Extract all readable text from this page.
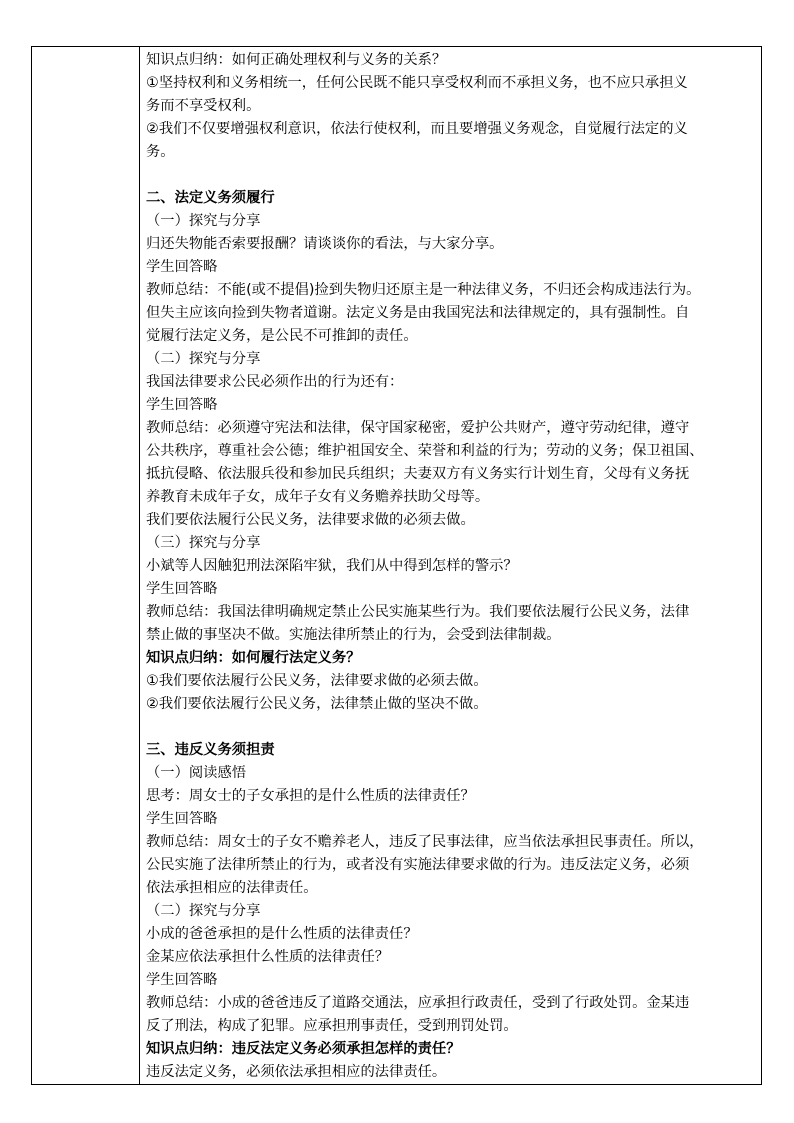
知识点归纳：如何正确处理权利与义务的关系？
①坚持权利和义务相统一，任何公民既不能只享受权利而不承担义务，也不应只承担义
务而不享受权利。
②我们不仅要增强权利意识，依法行使权利，而且要增强义务观念，自觉履行法定的义
务。
二、法定义务须履行
（一）探究与分享
归还失物能否索要报酬？请谈谈你的看法，与大家分享。
学生回答略
教师总结：不能(或不提倡)捡到失物归还原主是一种法律义务，不归还会构成违法行为。
但失主应该向捡到失物者道谢。法定义务是由我国宪法和法律规定的，具有强制性。自
觉履行法定义务，是公民不可推卸的责任。
（二）探究与分享
我国法律要求公民必须作出的行为还有：
学生回答略
教师总结：必须遵守宪法和法律，保守国家秘密，爱护公共财产，遵守劳动纪律，遵守
公共秩序，尊重社会公德；维护祖国安全、荣誉和利益的行为；劳动的义务；保卫祖国、
抵抗侵略、依法服兵役和参加民兵组织；夫妻双方有义务实行计划生育，父母有义务抚
养教育未成年子女，成年子女有义务赡养扶助父母等。
我们要依法履行公民义务，法律要求做的必须去做。
（三）探究与分享
小斌等人因触犯刑法深陷牢狱，我们从中得到怎样的警示？
学生回答略
教师总结：我国法律明确规定禁止公民实施某些行为。我们要依法履行公民义务，法律
禁止做的事坚决不做。实施法律所禁止的行为，会受到法律制裁。
知识点归纳：如何履行法定义务？
①我们要依法履行公民义务，法律要求做的必须去做。
②我们要依法履行公民义务，法律禁止做的坚决不做。
三、违反义务须担责
（一）阅读感悟
思考：周女士的子女承担的是什么性质的法律责任？
学生回答略
教师总结：周女士的子女不赡养老人，违反了民事法律，应当依法承担民事责任。所以，
公民实施了法律所禁止的行为，或者没有实施法律要求做的行为。违反法定义务，必须
依法承担相应的法律责任。
（二）探究与分享
小成的爸爸承担的是什么性质的法律责任？
金某应依法承担什么性质的法律责任？
学生回答略
教师总结：小成的爸爸违反了道路交通法，应承担行政责任，受到了行政处罚。金某违
反了刑法，构成了犯罪。应承担刑事责任，受到刑罚处罚。
知识点归纳：违反法定义务必须承担怎样的责任？
违反法定义务，必须依法承担相应的法律责任。
